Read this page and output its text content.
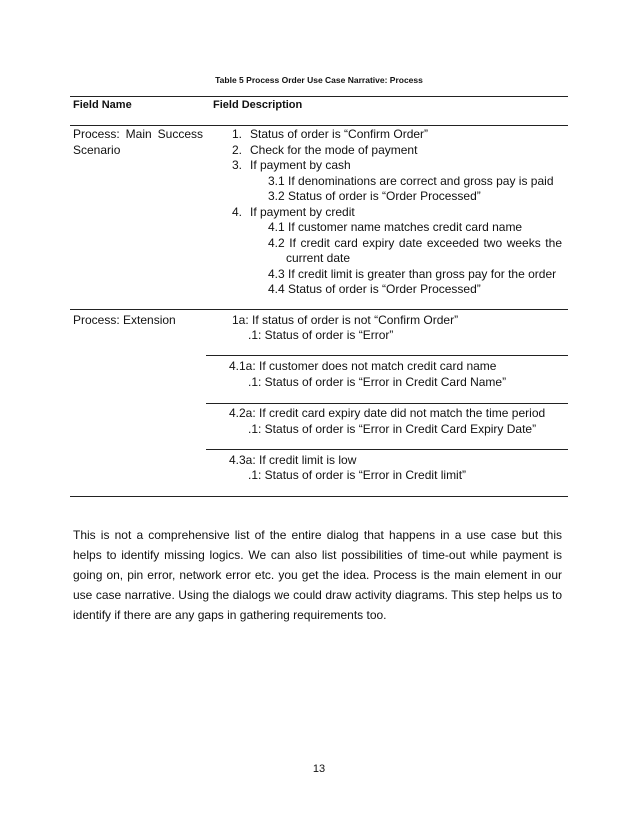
Table 5 Process Order Use Case Narrative: Process
Field Name	Field Description
Process: Main Success Scenario
1. Status of order is “Confirm Order”
2. Check for the mode of payment
3. If payment by cash
3.1 If denominations are correct and gross pay is paid
3.2 Status of order is “Order Processed”
4. If payment by credit
4.1 If customer name matches credit card name
4.2 If credit card expiry date exceeded two weeks the
current date
4.3 If credit limit is greater than gross pay for the order
4.4 Status of order is “Order Processed”
Process: Extension	1a: If status of order is not “Confirm Order”
.1: Status of order is “Error”
4.1a: If customer does not match credit card name
.1: Status of order is “Error in Credit Card Name”
4.2a: If credit card expiry date did not match the time period
.1: Status of order is “Error in Credit Card Expiry Date”
4.3a: If credit limit is low
.1: Status of order is “Error in Credit limit”

This is not a comprehensive list of the entire dialog that happens in a use case but this helps to identify missing logics. We can also list possibilities of time-out while payment is going on, pin error, network error etc. you get the idea. Process is the main element in our use case narrative. Using the dialogs we could draw activity diagrams. This step helps us to identify if there are any gaps in gathering requirements too.

13
